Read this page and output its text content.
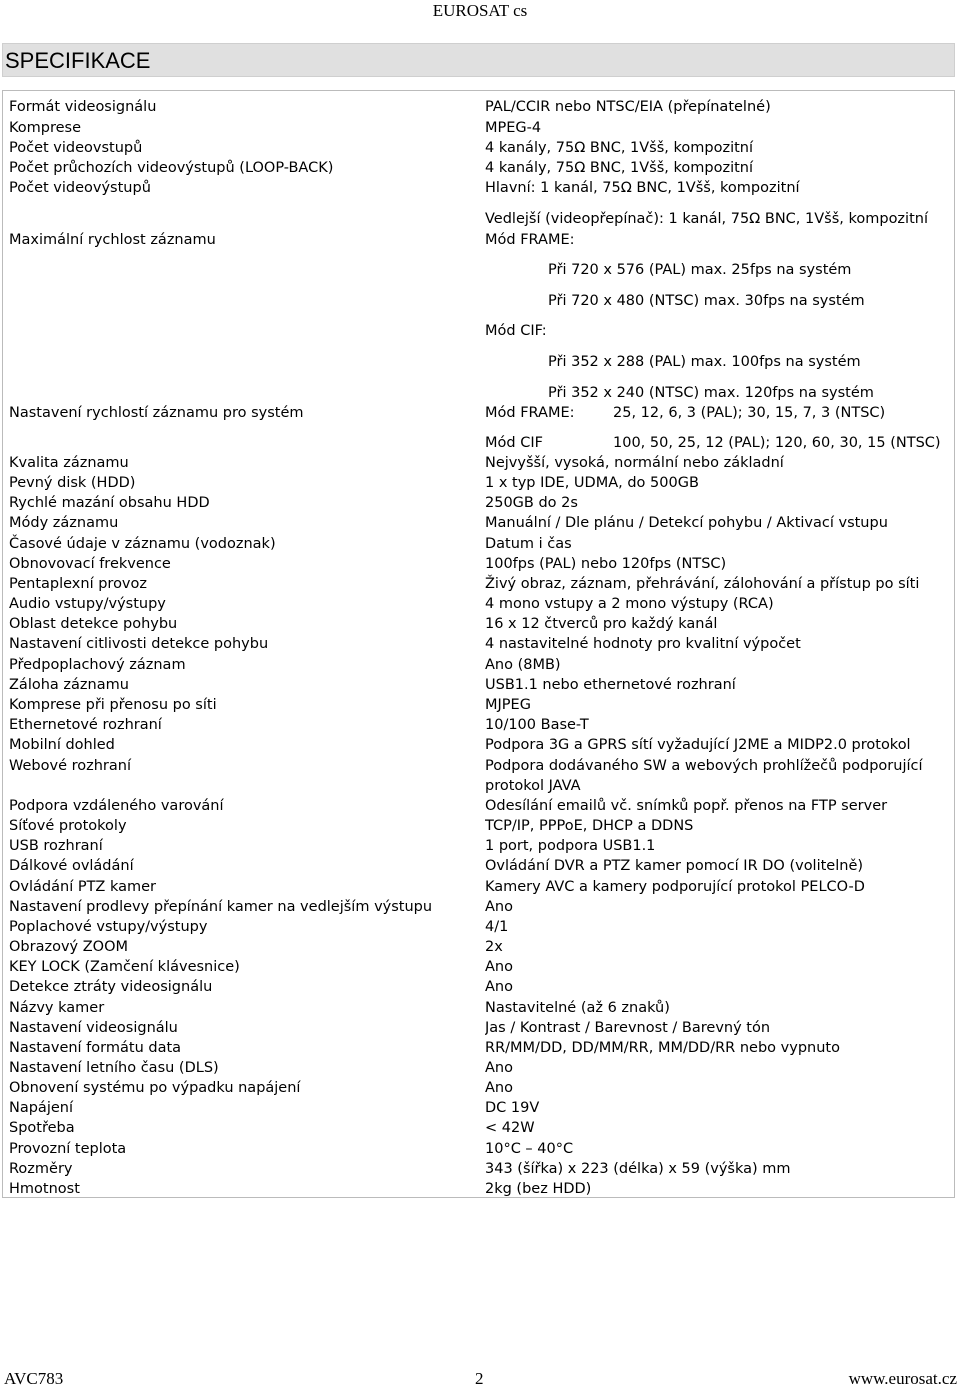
EUROSAT cs
SPECIFIKACE
Formát videosignálu	PAL/CCIR nebo NTSC/EIA (přepínatelné)
Komprese	MPEG-4
Počet videovstupů	4 kanály, 75Ω BNC, 1Všš, kompozitní
Počet průchozích videovýstupů (LOOP-BACK)	4 kanály, 75Ω BNC, 1Všš, kompozitní
Počet videovýstupů	Hlavní: 1 kanál, 75Ω BNC, 1Všš, kompozitní
Vedlejší (videopřepínač): 1 kanál, 75Ω BNC, 1Všš, kompozitní
Maximální rychlost záznamu	Mód FRAME:
Při 720 x 576 (PAL) max. 25fps na systém
Při 720 x 480 (NTSC) max. 30fps na systém
Mód CIF:
Při 352 x 288 (PAL) max. 100fps na systém
Při 352 x 240 (NTSC) max. 120fps na systém
Nastavení rychlostí záznamu pro systém	Mód FRAME:	25, 12, 6, 3 (PAL); 30, 15, 7, 3 (NTSC)
Mód CIF	100, 50, 25, 12 (PAL); 120, 60, 30, 15 (NTSC)
Kvalita záznamu	Nejvyšší, vysoká, normální nebo základní
Pevný disk (HDD)	1 x typ IDE, UDMA, do 500GB
Rychlé mazání obsahu HDD	250GB do 2s
Módy záznamu	Manuální / Dle plánu / Detekcí pohybu / Aktivací vstupu
Časové údaje v záznamu (vodoznak)	Datum i čas
Obnovovací frekvence	100fps (PAL) nebo 120fps (NTSC)
Pentaplexní provoz	Živý obraz, záznam, přehrávání, zálohování a přístup po síti
Audio vstupy/výstupy	4 mono vstupy a 2 mono výstupy (RCA)
Oblast detekce pohybu	16 x 12 čtverců pro každý kanál
Nastavení citlivosti detekce pohybu	4 nastavitelné hodnoty pro kvalitní výpočet
Předpoplachový záznam	Ano (8MB)
Záloha záznamu	USB1.1 nebo ethernetové rozhraní
Komprese při přenosu po síti	MJPEG
Ethernetové rozhraní	10/100 Base-T
Mobilní dohled	Podpora 3G a GPRS sítí vyžadující J2ME a MIDP2.0 protokol
Webové rozhraní	Podpora dodávaného SW a webových prohlížečů podporující
protokol JAVA
Podpora vzdáleného varování	Odesílání emailů vč. snímků popř. přenos na FTP server
Síťové protokoly	TCP/IP, PPPoE, DHCP a DDNS
USB rozhraní	1 port, podpora USB1.1
Dálkové ovládání	Ovládání DVR a PTZ kamer pomocí IR DO (volitelně)
Ovládání PTZ kamer	Kamery AVC a kamery podporující protokol PELCO-D
Nastavení prodlevy přepínání kamer na vedlejším výstupu	Ano
Poplachové vstupy/výstupy	4/1
Obrazový ZOOM	2x
KEY LOCK (Zamčení klávesnice)	Ano
Detekce ztráty videosignálu	Ano
Názvy kamer	Nastavitelné (až 6 znaků)
Nastavení videosignálu	Jas / Kontrast / Barevnost / Barevný tón
Nastavení formátu data	RR/MM/DD, DD/MM/RR, MM/DD/RR nebo vypnuto
Nastavení letního času (DLS)	Ano
Obnovení systému po výpadku napájení	Ano
Napájení	DC 19V
Spotřeba	< 42W
Provozní teplota	10°C – 40°C
Rozměry	343 (šířka) x 223 (délka) x 59 (výška) mm
Hmotnost	2kg (bez HDD)
AVC783	2	www.eurosat.cz
